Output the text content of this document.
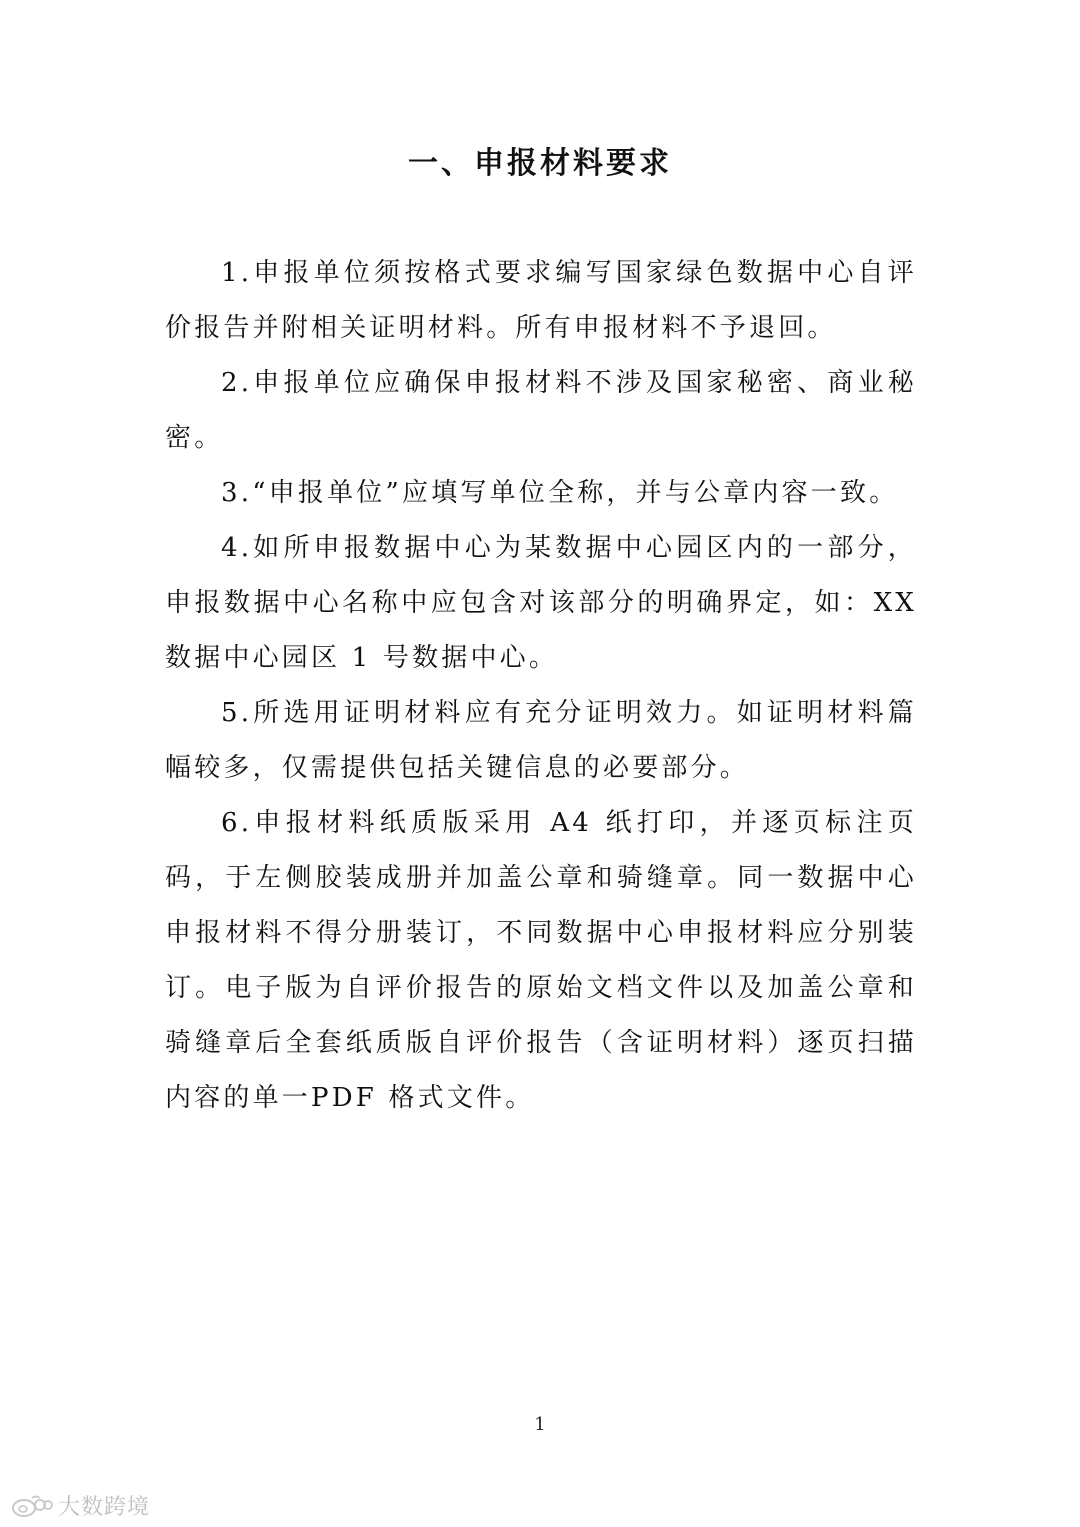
一、申报材料要求

1.申报单位须按格式要求编写国家绿色数据中心自评价报告并附相关证明材料。所有申报材料不予退回。

2.申报单位应确保申报材料不涉及国家秘密、商业秘密。

3.“申报单位”应填写单位全称，并与公章内容一致。

4.如所申报数据中心为某数据中心园区内的一部分，申报数据中心名称中应包含对该部分的明确界定，如：XX 数据中心园区 1 号数据中心。

5.所选用证明材料应有充分证明效力。如证明材料篇幅较多，仅需提供包括关键信息的必要部分。

6.申报材料纸质版采用 A4 纸打印，并逐页标注页码，于左侧胶装成册并加盖公章和骑缝章。同一数据中心申报材料不得分册装订，不同数据中心申报材料应分别装订。电子版为自评价报告的原始文档文件以及加盖公章和骑缝章后全套纸质版自评价报告（含证明材料）逐页扫描内容的单一PDF 格式文件。

1
大数跨境
